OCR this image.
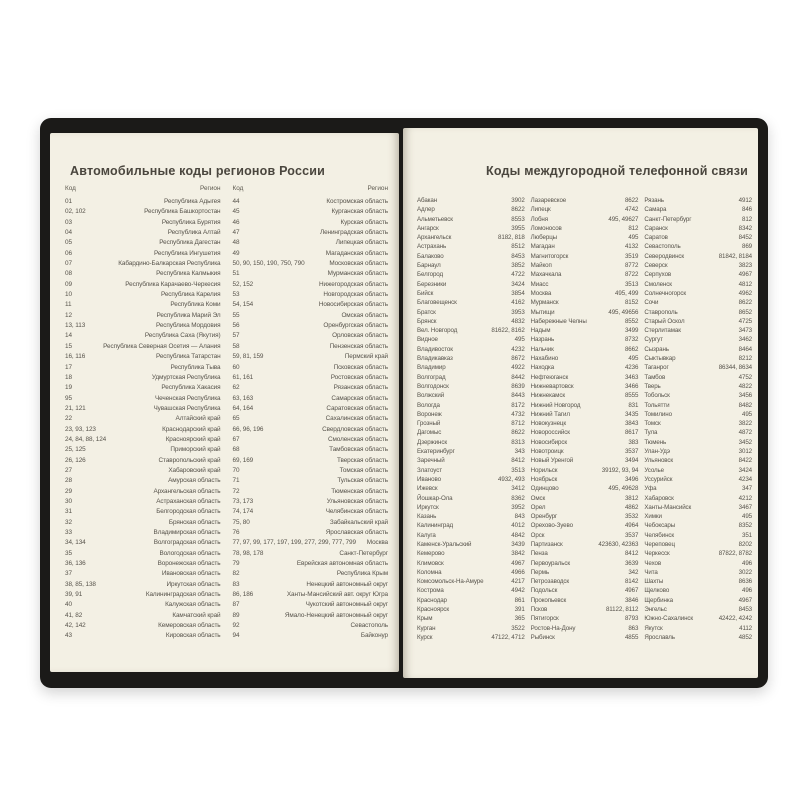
Автомобильные коды регионов России
Код	Регион Код	Регион
01	Республика Адыгея
02, 102	Республика Башкортостан
03	Республика Бурятия
04	Республика Алтай
05	Республика Дагестан
06	Республика Ингушетия
07	Кабардино-Балкарская Республика
08	Республика Калмыкия
09	Республика Карачаево-Черкесия
10	Республика Карелия
11	Республика Коми
12	Республика Марий Эл
13, 113	Республика Мордовия
14	Республика Саха (Якутия)
15	Республика Северная Осетия — Алания
16, 116	Республика Татарстан
17	Республика Тыва
18	Удмуртская Республика
19	Республика Хакасия
95	Чеченская Республика
21, 121	Чувашская Республика
22	Алтайский край
23, 93, 123	Краснодарский край
24, 84, 88, 124	Красноярский край
25, 125	Приморский край
26, 126	Ставропольский край
27	Хабаровский край
28	Амурская область
29	Архангельская область
30	Астраханская область
31	Белгородская область
32	Брянская область
33	Владимирская область
34, 134	Волгоградская область
35	Вологодская область
36, 136	Воронежская область
37	Ивановская область
38, 85, 138	Иркутская область
39, 91	Калининградская область
40	Калужская область
41, 82	Камчатский край
42, 142	Кемеровская область
43	Кировская область
44	Костромская область
45	Курганская область
46	Курская область
47	Ленинградская область
48	Липецкая область
49	Магаданская область
50, 90, 150, 190, 750, 790	Московская область
51	Мурманская область
52, 152	Нижегородская область
53	Новгородская область
54, 154	Новосибирская область
55	Омская область
56	Оренбургская область
57	Орловская область
58	Пензенская область
59, 81, 159	Пермский край
60	Псковская область
61, 161	Ростовская область
62	Рязанская область
63, 163	Самарская область
64, 164	Саратовская область
65	Сахалинская область
66, 96, 196	Свердловская область
67	Смоленская область
68	Тамбовская область
69, 169	Тверская область
70	Томская область
71	Тульская область
72	Тюменская область
73, 173	Ульяновская область
74, 174	Челябинская область
75, 80	Забайкальский край
76	Ярославская область
77, 97, 99, 177, 197, 199, 277, 299, 777, 799	Москва
78, 98, 178	Санкт-Петербург
79	Еврейская автономная область
82	Республика Крым
83	Ненецкий автономный округ
86, 186	Ханты-Мансийский авт. округ Югра
87	Чукотский автономный округ
89	Ямало-Ненецкий автономный округ
92	Севастополь
94	Байконур
Коды междугородной телефонной связи
Абакан	3902
Адлер	8622
Альметьевск	8553
Ангарск	3955
Архангельск	8182, 818
Астрахань	8512
Балаково	8453
Барнаул	3852
Белгород	4722
Березники	3424
Бийск	3854
Благовещенск	4162
Братск	3953
Брянск	4832
Вел. Новгород	81622, 8162
Видное	495
Владивосток	4232
Владикавказ	8672
Владимир	4922
Волгоград	8442
Волгодонск	8639
Волжский	8443
Вологда	8172
Воронеж	4732
Грозный	8712
Дагомыс	8622
Дзержинск	8313
Екатеринбург	343
Заречный	8412
Златоуст	3513
Иваново	4932, 493
Ижевск	3412
Йошкар-Ола	8362
Иркутск	3952
Казань	843
Калининград	4012
Калуга	4842
Каменск-Уральский	3439
Кемерово	3842
Климовск	4967
Коломна	4966
Комсомольск-На-Амуре	4217
Кострома	4942
Краснодар	861
Красноярск	391
Крым	365
Курган	3522
Курск	47122, 4712
Лазаревское	8622
Липецк	4742
Лобня	495, 49627
Ломоносов	812
Люберцы	495
Магадан	4132
Магнитогорск	3519
Майкоп	8772
Махачкала	8722
Миасс	3513
Москва	495, 499
Мурманск	8152
Мытищи	495, 49656
Набережные Челны	8552
Надым	3499
Назрань	8732
Нальчик	8662
Нахабино	495
Находка	4236
Нефтеюганск	3463
Нижневартовск	3466
Нижнекамск	8555
Нижний Новгород	831
Нижний Тагил	3435
Новокузнецк	3843
Новороссийск	8617
Новосибирск	383
Новотроицк	3537
Новый Уренгой	3494
Норильск	39192, 93, 94
Ноябрьск	3496
Одинцово	495, 49628
Омск	3812
Орел	4862
Оренбург	3532
Орехово-Зуево	4964
Орск	3537
Партизанск	423630, 42363
Пенза	8412
Первоуральск	3639
Пермь	342
Петрозаводск	8142
Подольск	4967
Прокопьевск	3846
Псков	81122, 8112
Пятигорск	8793
Ростов-На-Дону	863
Рыбинск	4855
Рязань	4912
Самара	846
Санкт-Петербург	812
Саранск	8342
Саратов	8452
Севастополь	869
Северодвинск	81842, 8184
Северск	3823
Серпухов	4967
Смоленск	4812
Солнечногорск	4962
Сочи	8622
Ставрополь	8652
Старый Оскол	4725
Стерлитамак	3473
Сургут	3462
Сызрань	8464
Сыктывкар	8212
Таганрог	86344, 8634
Тамбов	4752
Тверь	4822
Тобольск	3456
Тольятти	8482
Томилино	495
Томск	3822
Тула	4872
Тюмень	3452
Улан-Удэ	3012
Ульяновск	8422
Усолье	3424
Уссурийск	4234
Уфа	347
Хабаровск	4212
Ханты-Мансийск	3467
Химки	495
Чебоксары	8352
Челябинск	351
Череповец	8202
Черкесск	87822, 8782
Чехов	496
Чита	3022
Шахты	8636
Щелково	496
Щербинка	4967
Энгельс	8453
Южно-Сахалинск	42422, 4242
Якутск	4112
Ярославль	4852
